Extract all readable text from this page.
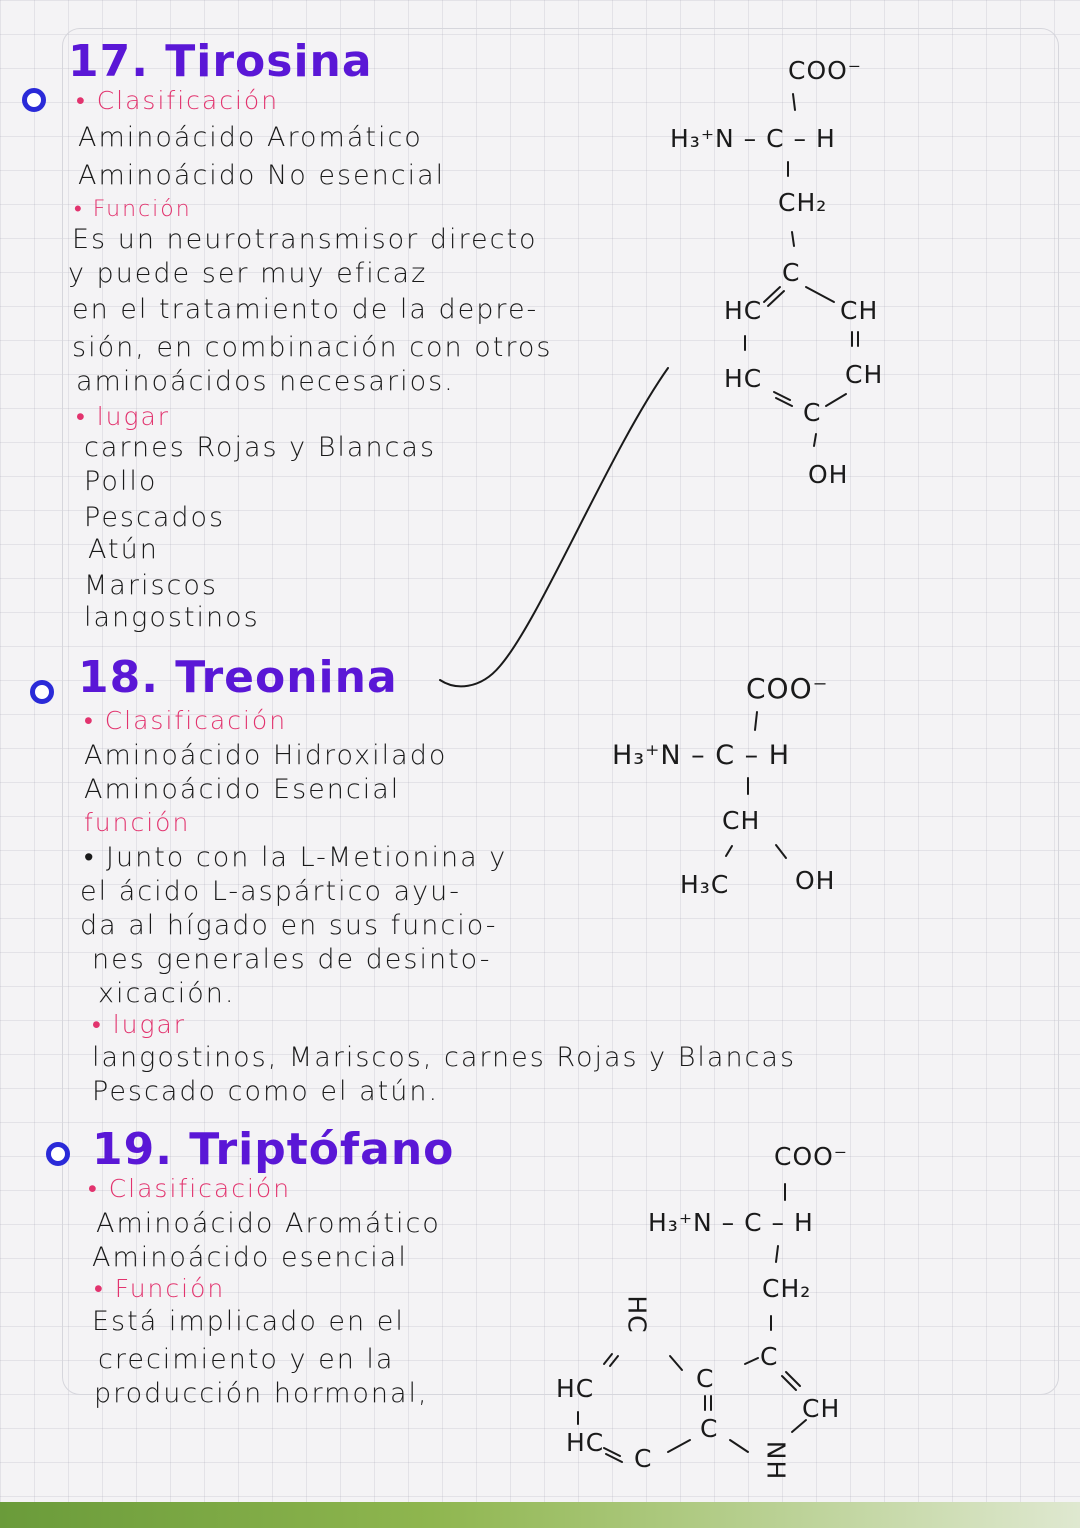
17. Tirosina
• Clasificación
Aminoácido Aromático
Aminoácido No esencial
• Función
Es un neurotransmisor directo
y puede ser muy eficaz
en el tratamiento de la depre-
sión, en combinación con otros
aminoácidos necesarios.
• lugar
carnes Rojas y Blancas
Pollo
Pescados
Atún
Mariscos
langostinos
COO⁻
H₃⁺N – C – H
CH₂
C
HC	CH
HC	CH
C
OH
18. Treonina
• Clasificación
Aminoácido Hidroxilado
Aminoácido Esencial
función
• Junto con la L-Metionina y
el ácido L-aspártico ayu-
da al hígado en sus funcio-
nes generales de desinto-
xicación.
• lugar
langostinos, Mariscos, carnes Rojas y Blancas
Pescado como el atún.
COO⁻
H₃⁺N – C – H
CH
H₃C	OH
19. Triptófano
• Clasificación
Aminoácido Aromático
Aminoácido esencial
• Función
Está implicado en el
crecimiento y en la
producción hormonal,
COO⁻
H₃⁺N – C – H
CH₂
C
CH
HC
HC
C
C
C	NH
HC
